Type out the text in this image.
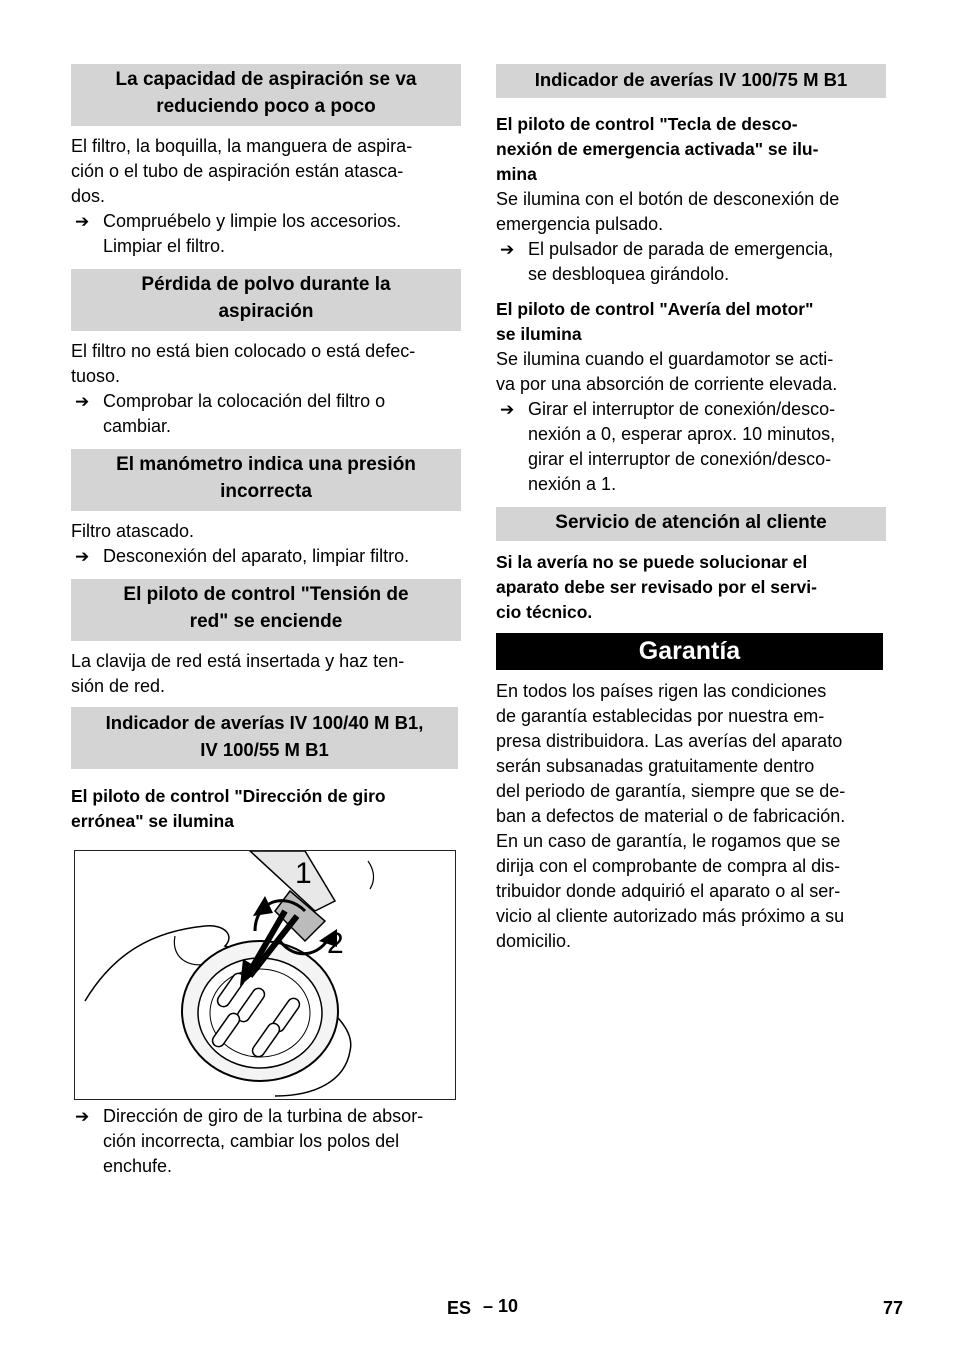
La capacidad de aspiración se va
reduciendo poco a poco

El filtro, la boquilla, la manguera de aspira-
ción o el tubo de aspiración están atasca-
dos.

➔ Compruébelo y limpie los accesorios.
Limpiar el filtro.
Pérdida de polvo durante la
aspiración

El filtro no está bien colocado o está defec-
tuoso.

➔ Comprobar la colocación del filtro o
cambiar.
El manómetro indica una presión
incorrecta

Filtro atascado.

➔ Desconexión del aparato, limpiar filtro.
El piloto de control "Tensión de
red" se enciende

La clavija de red está insertada y haz ten-
sión de red.

Indicador de averías IV 100/40 M B1,
IV 100/55 M B1

El piloto de control "Dirección de giro
errónea" se ilumina

1
2
➔ Dirección de giro de la turbina de absor-
ción incorrecta, cambiar los polos del
enchufe.
Indicador de averías IV 100/75 M B1

El piloto de control "Tecla de desco-
nexión de emergencia activada" se ilu-
mina

Se ilumina con el botón de desconexión de
emergencia pulsado.

➔ El pulsador de parada de emergencia,
se desbloquea girándolo.

El piloto de control "Avería del motor"
se ilumina

Se ilumina cuando el guardamotor se acti-
va por una absorción de corriente elevada.

➔ Girar el interruptor de conexión/desco-
nexión a 0, esperar aprox. 10 minutos,
girar el interruptor de conexión/desco-
nexión a 1.
Servicio de atención al cliente

Si la avería no se puede solucionar el
aparato debe ser revisado por el servi-
cio técnico.

Garantía

En todos los países rigen las condiciones
de garantía establecidas por nuestra em-
presa distribuidora. Las averías del aparato
serán subsanadas gratuitamente dentro
del periodo de garantía, siempre que se de-
ban a defectos de material o de fabricación.
En un caso de garantía, le rogamos que se
dirija con el comprobante de compra al dis-
tribuidor donde adquirió el aparato o al ser-
vicio al cliente autorizado más próximo a su
domicilio.

ES – 10	77
